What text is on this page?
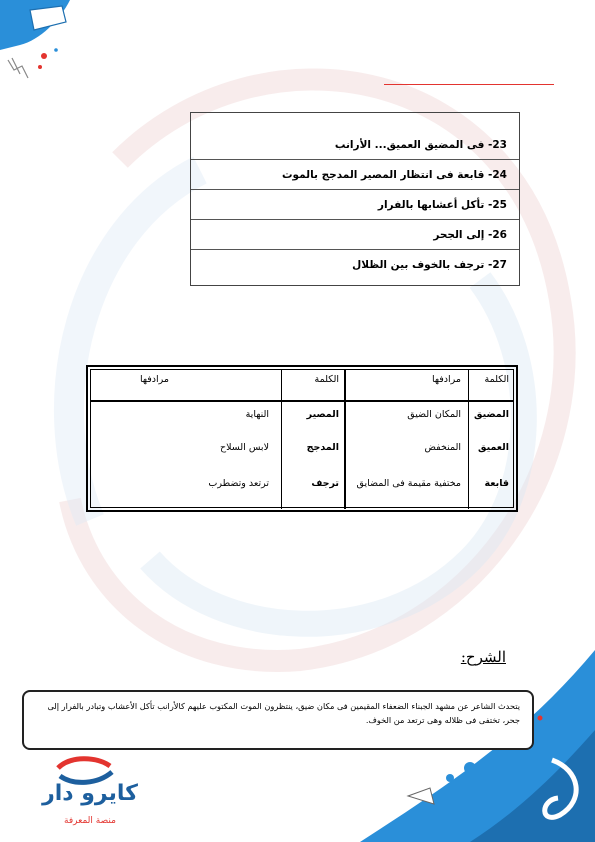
23- فى المضيق العميق... الأرانب
24- قابعة فى انتظار المصير المدجج بالموت
25- تأكل أعشابها بالفرار
26- إلى الجحر
27- ترجف بالخوف بين الظلال
الكلمة
مرادفها
الكلمة
مرادفها
المضيق
المكان الضيق
العميق
المنخفض
قابعة
مختفية مقيمة فى المضايق
المصير
النهاية
المدجج
لابس السلاح
ترجف
ترتعد وتضطرب
الشرح:
يتحدث الشاعر عن مشهد الجبناء الضعفاء المقيمين فى مكان ضيق، ينتظرون الموت المكتوب عليهم كالأرانب تأكل الأعشاب وتبادر بالفرار إلى جحر، تختفى فى ظلاله وهى ترتعد من الخوف.
كايرو دار
منصة المعرفة
